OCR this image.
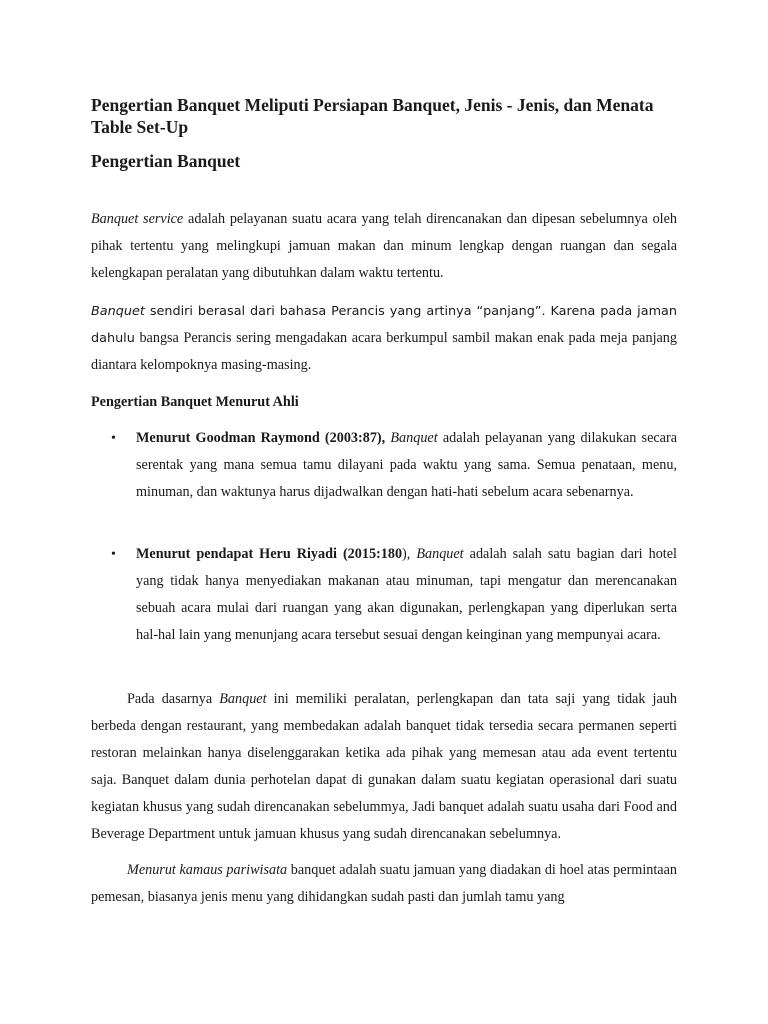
Pengertian Banquet Meliputi Persiapan Banquet, Jenis - Jenis, dan Menata Table Set-Up
Pengertian Banquet

Banquet service adalah pelayanan suatu acara yang telah direncanakan dan dipesan sebelumnya oleh pihak tertentu yang melingkupi jamuan makan dan minum lengkap dengan ruangan dan segala kelengkapan peralatan yang dibutuhkan dalam waktu tertentu.

Banquet sendiri berasal dari bahasa Perancis yang artinya “panjang”. Karena pada jaman dahulu bangsa Perancis sering mengadakan acara berkumpul sambil makan enak pada meja panjang diantara kelompoknya masing-masing.

Pengertian Banquet Menurut Ahli

• Menurut Goodman Raymond (2003:87), Banquet adalah pelayanan yang dilakukan secara serentak yang mana semua tamu dilayani pada waktu yang sama. Semua penataan, menu, minuman, dan waktunya harus dijadwalkan dengan hati-hati sebelum acara sebenarnya.

• Menurut pendapat Heru Riyadi (2015:180), Banquet adalah salah satu bagian dari hotel yang tidak hanya menyediakan makanan atau minuman, tapi mengatur dan merencanakan sebuah acara mulai dari ruangan yang akan digunakan, perlengkapan yang diperlukan serta hal-hal lain yang menunjang acara tersebut sesuai dengan keinginan yang mempunyai acara.

Pada dasarnya Banquet ini memiliki peralatan, perlengkapan dan tata saji yang tidak jauh berbeda dengan restaurant, yang membedakan adalah banquet tidak tersedia secara permanen seperti restoran melainkan hanya diselenggarakan ketika ada pihak yang memesan atau ada event tertentu saja. Banquet dalam dunia perhotelan dapat di gunakan dalam suatu kegiatan operasional dari suatu kegiatan khusus yang sudah direncanakan sebelummya, Jadi banquet adalah suatu usaha dari Food and Beverage Department untuk jamuan khusus yang sudah direncanakan sebelumnya.

Menurut kamaus pariwisata banquet adalah suatu jamuan yang diadakan di hoel atas permintaan pemesan, biasanya jenis menu yang dihidangkan sudah pasti dan jumlah tamu yang
